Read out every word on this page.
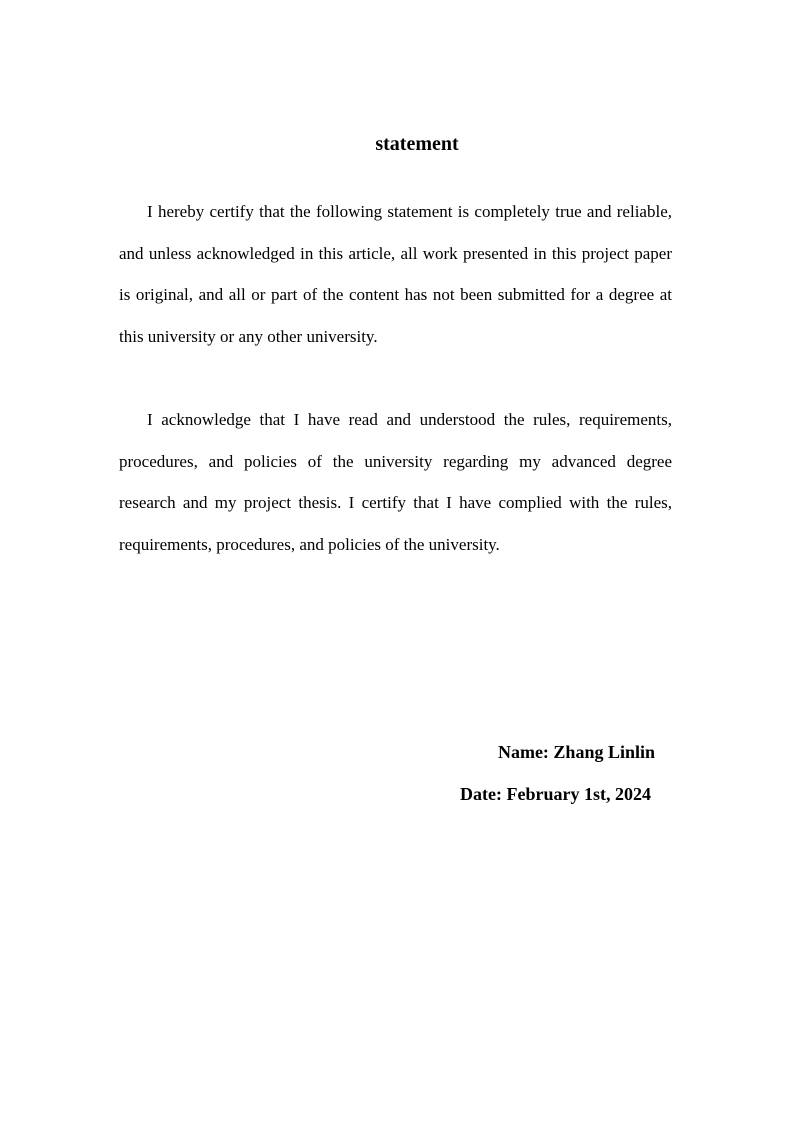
statement

I hereby certify that the following statement is completely true and reliable, and unless acknowledged in this article, all work presented in this project paper is original, and all or part of the content has not been submitted for a degree at this university or any other university.

I acknowledge that I have read and understood the rules, requirements, procedures, and policies of the university regarding my advanced degree research and my project thesis. I certify that I have complied with the rules, requirements, procedures, and policies of the university.

Name: Zhang Linlin

Date: February 1st, 2024
